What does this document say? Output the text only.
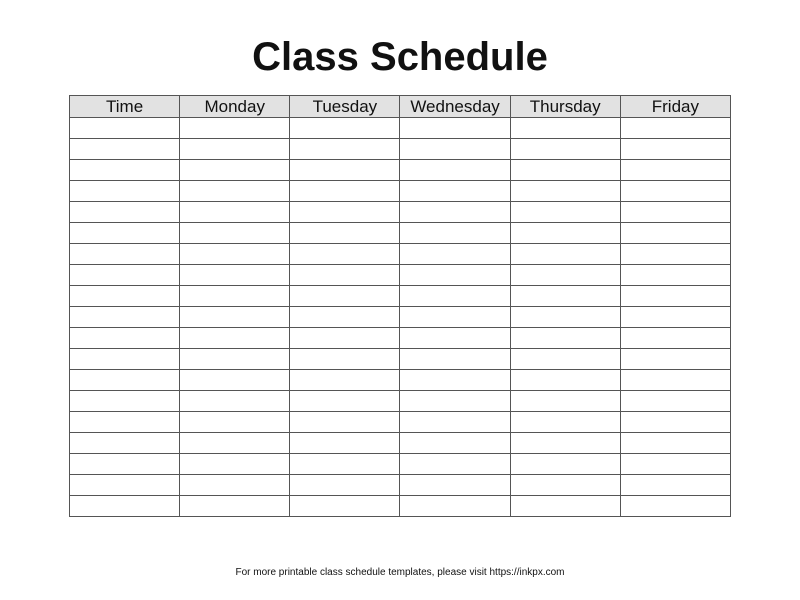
Class Schedule
Time	Monday	Tuesday	Wednesday	Thursday	Friday

For more printable class schedule templates, please visit https://inkpx.com
